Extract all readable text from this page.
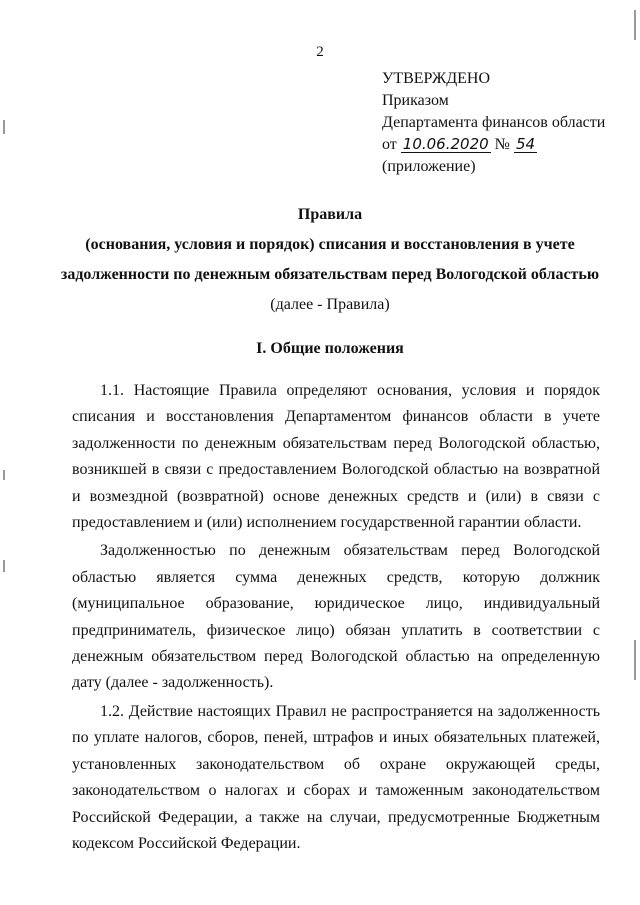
2
УТВЕРЖДЕНО
Приказом
Департамента финансов области
от 10.06.2020 № 54
(приложение)
Правила
(основания, условия и порядок) списания и восстановления в учете
задолженности по денежным обязательствам перед Вологодской областью
(далее - Правила)
I. Общие положения

1.1. Настоящие Правила определяют основания, условия и порядок списания и восстановления Департаментом финансов области в учете задолженности по денежным обязательствам перед Вологодской областью, возникшей в связи с предоставлением Вологодской областью на возвратной и возмездной (возвратной) основе денежных средств и (или) в связи с предоставлением и (или) исполнением государственной гарантии области.

Задолженностью по денежным обязательствам перед Вологодской областью является сумма денежных средств, которую должник (муниципальное образование, юридическое лицо, индивидуальный предприниматель, физическое лицо) обязан уплатить в соответствии с денежным обязательством перед Вологодской областью на определенную дату (далее - задолженность).

1.2. Действие настоящих Правил не распространяется на задолженность по уплате налогов, сборов, пеней, штрафов и иных обязательных платежей, установленных законодательством об охране окружающей среды, законодательством о налогах и сборах и таможенным законодательством Российской Федерации, а также на случаи, предусмотренные Бюджетным кодексом Российской Федерации.
